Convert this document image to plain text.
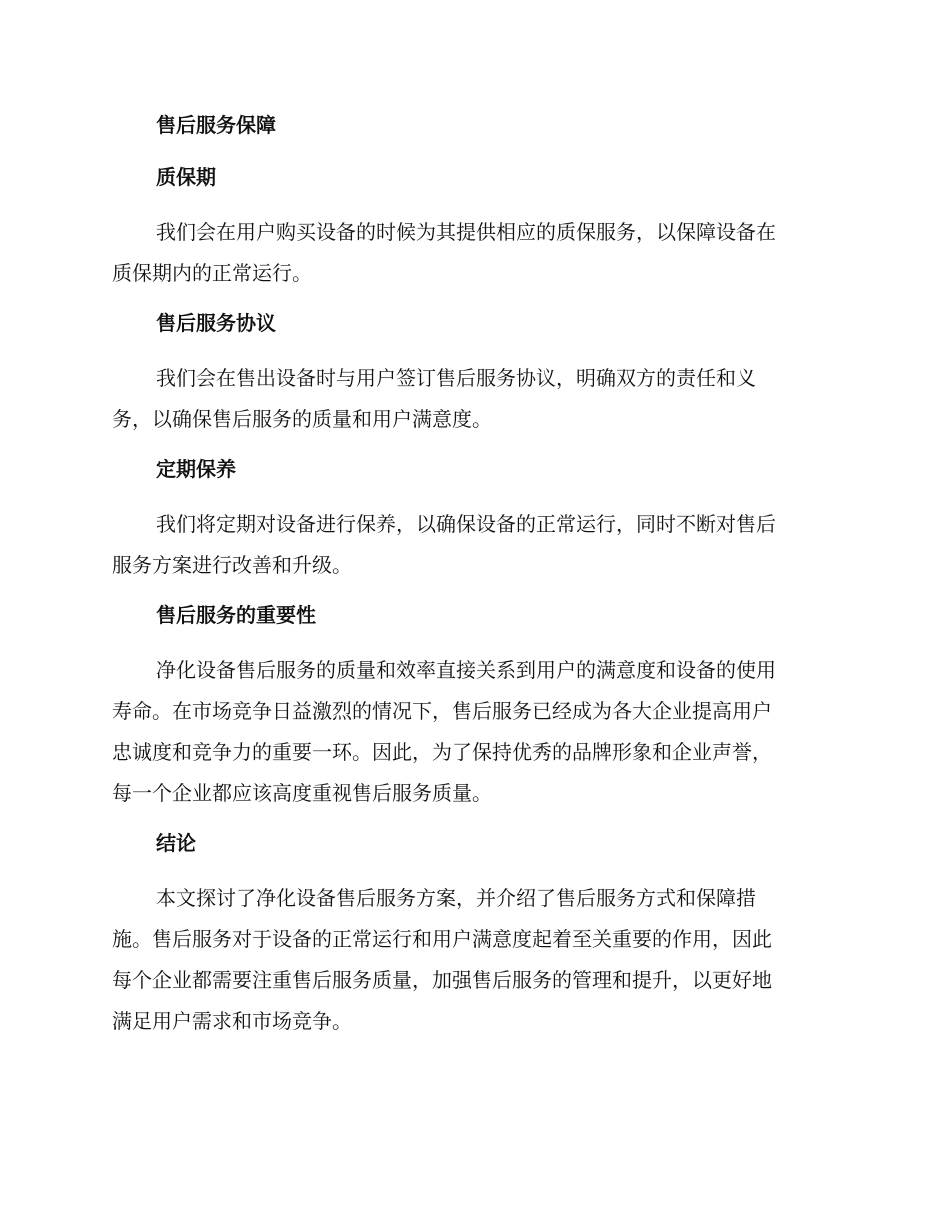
售后服务保障
质保期
我们会在用户购买设备的时候为其提供相应的质保服务，以保障设备在
质保期内的正常运行。
售后服务协议
我们会在售出设备时与用户签订售后服务协议，明确双方的责任和义
务，以确保售后服务的质量和用户满意度。
定期保养
我们将定期对设备进行保养，以确保设备的正常运行，同时不断对售后
服务方案进行改善和升级。
售后服务的重要性
净化设备售后服务的质量和效率直接关系到用户的满意度和设备的使用
寿命。在市场竞争日益激烈的情况下，售后服务已经成为各大企业提高用户
忠诚度和竞争力的重要一环。因此，为了保持优秀的品牌形象和企业声誉，
每一个企业都应该高度重视售后服务质量。
结论
本文探讨了净化设备售后服务方案，并介绍了售后服务方式和保障措
施。售后服务对于设备的正常运行和用户满意度起着至关重要的作用，因此
每个企业都需要注重售后服务质量，加强售后服务的管理和提升，以更好地
满足用户需求和市场竞争。
